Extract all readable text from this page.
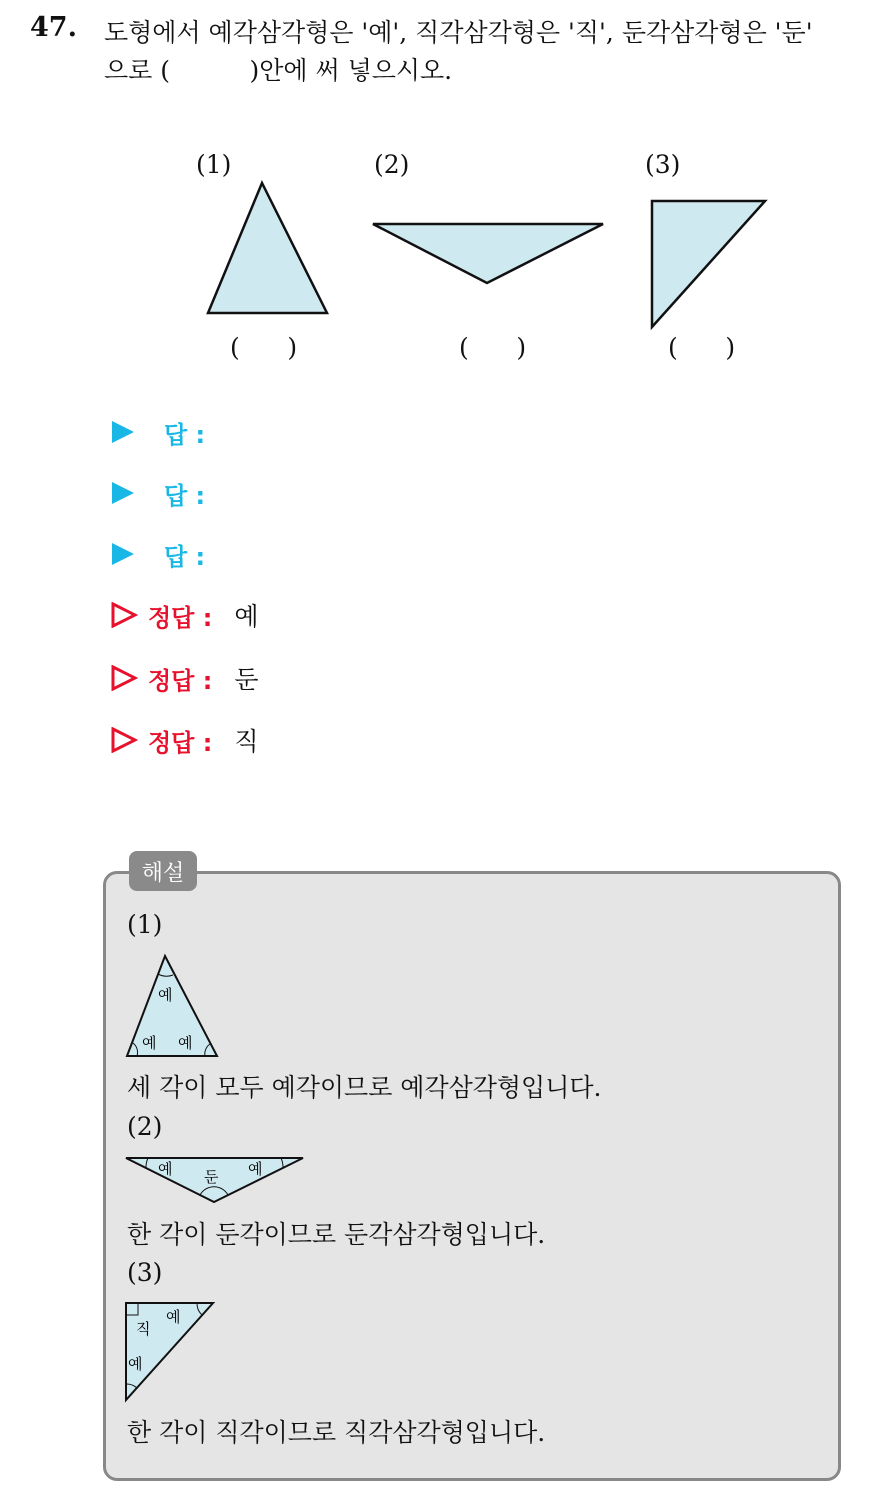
47. 도형에서 예각삼각형은 '예', 직각삼각형은 '직', 둔각삼각형은 '둔'
으로 (          )안에 써 넣으시오.
(1)	(2)	(3)
(      )	(      )	(      )
답 :
답 :
답 :
정답 : 예
정답 : 둔
정답 : 직
해설
(1)
예
예 예
세 각이 모두 예각이므로 예각삼각형입니다.
(2)
예 둔 예
한 각이 둔각이므로 둔각삼각형입니다.
(3)
직
예
예
한 각이 직각이므로 직각삼각형입니다.
